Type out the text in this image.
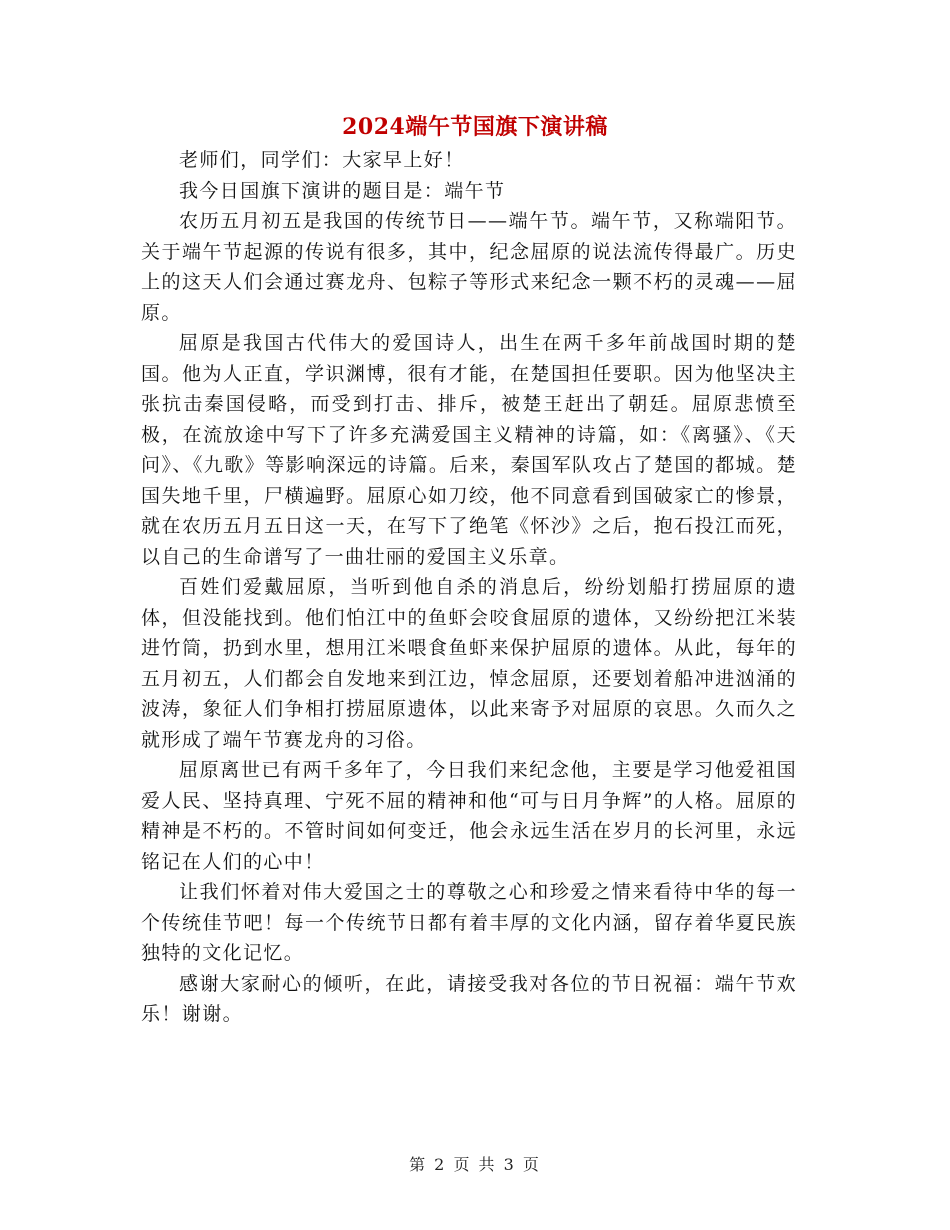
2024端午节国旗下演讲稿

老师们，同学们：大家早上好！

我今日国旗下演讲的题目是：端午节

农历五月初五是我国的传统节日——端午节。端午节，又称端阳节。关于端午节起源的传说有很多，其中，纪念屈原的说法流传得最广。历史上的这天人们会通过赛龙舟、包粽子等形式来纪念一颗不朽的灵魂——屈原。

屈原是我国古代伟大的爱国诗人，出生在两千多年前战国时期的楚国。他为人正直，学识渊博，很有才能，在楚国担任要职。因为他坚决主张抗击秦国侵略，而受到打击、排斥，被楚王赶出了朝廷。屈原悲愤至极，在流放途中写下了许多充满爱国主义精神的诗篇，如：《离骚》、《天问》、《九歌》等影响深远的诗篇。后来，秦国军队攻占了楚国的都城。楚国失地千里，尸横遍野。屈原心如刀绞，他不同意看到国破家亡的惨景，就在农历五月五日这一天，在写下了绝笔《怀沙》之后，抱石投江而死，以自己的生命谱写了一曲壮丽的爱国主义乐章。

百姓们爱戴屈原，当听到他自杀的消息后，纷纷划船打捞屈原的遗体，但没能找到。他们怕江中的鱼虾会咬食屈原的遗体，又纷纷把江米装进竹筒，扔到水里，想用江米喂食鱼虾来保护屈原的遗体。从此，每年的五月初五，人们都会自发地来到江边，悼念屈原，还要划着船冲进汹涌的波涛，象征人们争相打捞屈原遗体，以此来寄予对屈原的哀思。久而久之就形成了端午节赛龙舟的习俗。

屈原离世已有两千多年了，今日我们来纪念他，主要是学习他爱祖国爱人民、坚持真理、宁死不屈的精神和他“可与日月争辉”的人格。屈原的精神是不朽的。不管时间如何变迁，他会永远生活在岁月的长河里，永远铭记在人们的心中！

让我们怀着对伟大爱国之士的尊敬之心和珍爱之情来看待中华的每一个传统佳节吧！每一个传统节日都有着丰厚的文化内涵，留存着华夏民族独特的文化记忆。

感谢大家耐心的倾听，在此，请接受我对各位的节日祝福：端午节欢乐！谢谢。

第 2 页 共 3 页
